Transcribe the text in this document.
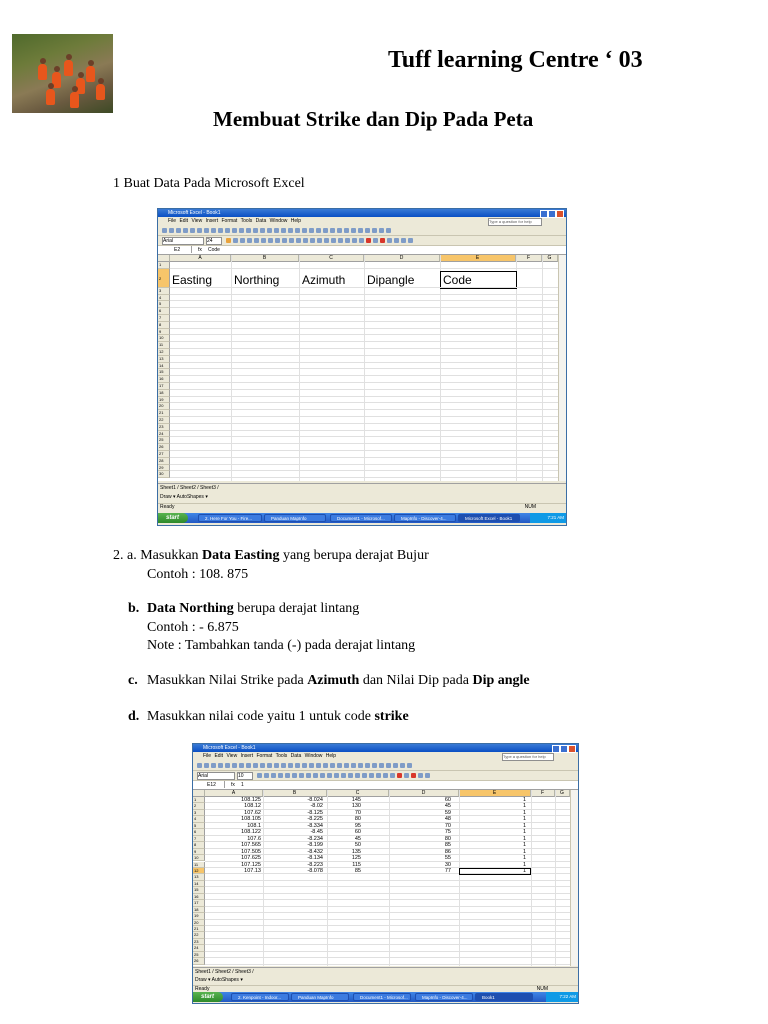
Tuff learning Centre ‘ 03
Membuat Strike dan Dip Pada Peta
1 Buat Data Pada Microsoft Excel
Microsoft Excel - Book1
File Edit View Insert Format Tools Data Window Help	Type a question for help
Arial	24
E2	fx Code
A	B	C	D	E	F	G
Easting Northing Azimuth Dipangle Code
1
2
3
4
5
6
7
8
9
10
11
12
13
14
15
16
17
18
19
20
21
22
23
24
25
26
27
28
29
30
Sheet1 / Sheet2 / Sheet3 /
Draw ▾ AutoShapes ▾
Ready	NUM
start	2. Here For You - Fire...	Panduan MapInfo	Document1 - Microsof...	MapInfo - Discover-4...	Microsoft Excel - Book1	7:21 AM
2. a. Masukkan Data Easting yang berupa derajat Bujur
Contoh : 108. 875
b. Data Northing berupa derajat lintang
Contoh : - 6.875
Note : Tambahkan tanda (-) pada derajat lintang
c. Masukkan Nilai Strike pada Azimuth dan Nilai Dip pada Dip angle
d. Masukkan nilai code yaitu 1 untuk code strike
Microsoft Excel - Book1
File Edit View Insert Format Tools Data Window Help	Type a question for help
Arial	10
E12	fx 1
A	B	C	D	E	F	G
1
2
3
4
5
6
7
8
9
10
11
12
13
14
15
16
17
18
19
20
21
22
23
24
25
26
108.125	-8.024	145	60	1
108.12	-8.02	130	45	1
107.62	-8.125	70	59	1
108.105	-8.225	80	48	1
108.1	-8.334	95	70	1
108.122	-8.45	60	75	1
107.6	-8.234	45	80	1
107.565	-8.199	50	85	1
107.505	-8.432	135	86	1
107.625	-8.134	125	55	1
107.125	-8.223	115	30	1
107.13	-8.078	85	77	1
Sheet1 / Sheet2 / Sheet3 /
Draw ▾ AutoShapes ▾
Ready	NUM
start	2. Kenpoint - Indoor...	Panduan MapInfo	Document1 - Microsof...	MapInfo - Discover-4...	Book1	7:22 AM
